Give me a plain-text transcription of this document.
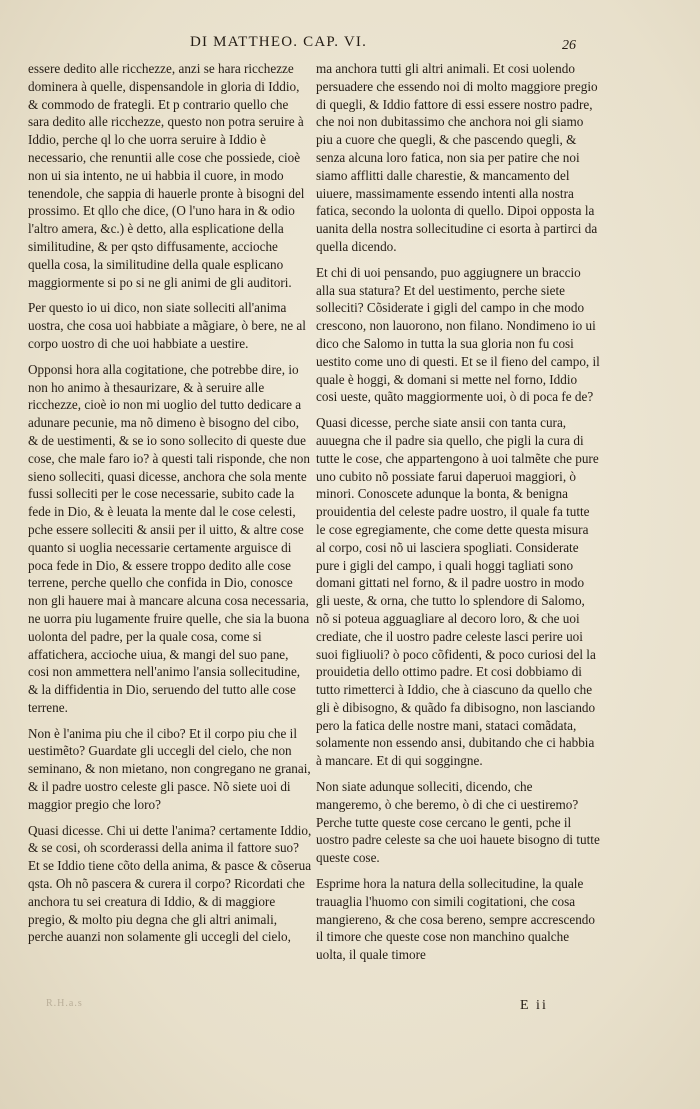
DI MATTHEO. CAP. VI.	26

essere dedito alle ricchezze, anzi se hara ricchezze dominera à quelle, dispensandole in gloria di Iddio, & commodo de frategli. Et p contrario quello che sara dedito alle ricchezze, questo non potra seruire à Iddio, perche ql lo che uorra seruire à Iddio è necessario, che renuntii alle cose che possiede, cioè non ui sia intento, ne ui habbia il cuore, in modo tenendole, che sappia di hauerle pronte à bisogni del prossimo. Et qllo che dice, (O l'uno hara in & odio l'altro amera, &c.) è detto, alla esplicatione della similitudine, & per qsto diffusamente, accioche quella cosa, la similitudine della quale esplicano maggiormente si po si ne gli animi de gli auditori.

Per questo io ui dico, non siate solleciti all'anima uostra, che cosa uoi habbiate a mãgiare, ò bere, ne al corpo uostro di che uoi habbiate a uestire.

Opponsi hora alla cogitatione, che potrebbe dire, io non ho animo à thesaurizare, & à seruire alle ricchezze, cioè io non mi uoglio del tutto dedicare a adunare pecunie, ma nõ dimeno è bisogno del cibo, & de uestimenti, & se io sono sollecito di queste due cose, che male faro io? à questi tali risponde, che non sieno solleciti, quasi dicesse, anchora che sola mente fussi solleciti per le cose necessarie, subito cade la fede in Dio, & è leuata la mente dal le cose celesti, pche essere solleciti & ansii per il uitto, & altre cose quanto si uoglia necessarie certamente arguisce di poca fede in Dio, & essere troppo dedito alle cose terrene, perche quello che confida in Dio, conosce non gli hauere mai à mancare alcuna cosa necessaria, ne uorra piu lugamente fruire quelle, che sia la buona uolonta del padre, per la quale cosa, come si affatichera, accioche uiua, & mangi del suo pane, cosi non ammettera nell'animo l'ansia sollecitudine, & la diffidentia in Dio, seruendo del tutto alle cose terrene.

Non è l'anima piu che il cibo? Et il corpo piu che il uestimẽto? Guardate gli uccegli del cielo, che non seminano, & non mietano, non congregano ne granai, & il padre uostro celeste gli pasce. Nõ siete uoi di maggior pregio che loro?

Quasi dicesse. Chi ui dette l'anima? certamente Iddio, & se cosi, oh scorderassi della anima il fattore suo? Et se Iddio tiene cõto della anima, & pasce & cõserua qsta. Oh nõ pascera & curera il corpo? Ricordati che anchora tu sei creatura di Iddio, & di maggiore pregio, & molto piu degna che gli altri animali, perche auanzi non solamente gli uccegli del cielo,

ma anchora tutti gli altri animali. Et cosi uolendo persuadere che essendo noi di molto maggiore pregio di quegli, & Iddio fattore di essi essere nostro padre, che noi non dubitassimo che anchora noi gli siamo piu a cuore che quegli, & che pascendo quegli, & senza alcuna loro fatica, non sia per patire che noi siamo afflitti dalle charestie, & mancamento del uiuere, massimamente essendo intenti alla nostra fatica, secondo la uolonta di quello. Dipoi opposta la uanita della nostra sollecitudine ci esorta à partirci da quella dicendo.

Et chi di uoi pensando, puo aggiugnere un braccio alla sua statura? Et del uestimento, perche siete solleciti? Cõsiderate i gigli del campo in che modo crescono, non lauorono, non filano. Nondimeno io ui dico che Salomo in tutta la sua gloria non fu cosi uestito come uno di questi. Et se il fieno del campo, il quale è hoggi, & domani si mette nel forno, Iddio cosi ueste, quãto maggiormente uoi, ò di poca fe de?

Quasi dicesse, perche siate ansii con tanta cura, auuegna che il padre sia quello, che pigli la cura di tutte le cose, che appartengono à uoi talmẽte che pure uno cubito nõ possiate farui daperuoi maggiori, ò minori. Conoscete adunque la bonta, & benigna prouidentia del celeste padre uostro, il quale fa tutte le cose egregiamente, che come dette questa misura al corpo, cosi nõ ui lasciera spogliati. Considerate pure i gigli del campo, i quali hoggi tagliati sono domani gittati nel forno, & il padre uostro in modo gli ueste, & orna, che tutto lo splendore di Salomo, nõ si poteua agguagliare al decoro loro, & che uoi crediate, che il uostro padre celeste lasci perire uoi suoi figliuoli? ò poco cõfidenti, & poco curiosi del la prouidetia dello ottimo padre. Et cosi dobbiamo di tutto rimetterci à Iddio, che à ciascuno da quello che gli è dibisogno, & quãdo fa dibisogno, non lasciando pero la fatica delle nostre mani, stataci comãdata, solamente non essendo ansi, dubitando che ci habbia à mancare. Et di qui soggingne.

Non siate adunque solleciti, dicendo, che mangeremo, ò che beremo, ò di che ci uestiremo? Perche tutte queste cose cercano le genti, pche il uostro padre celeste sa che uoi hauete bisogno di tutte queste cose.

Esprime hora la natura della sollecitudine, la quale trauaglia l'huomo con simili cogitationi, che cosa mangiereno, & che cosa bereno, sempre accrescendo il timore che queste cose non manchino qualche uolta, il quale timore

R.H.a.s	E ii
